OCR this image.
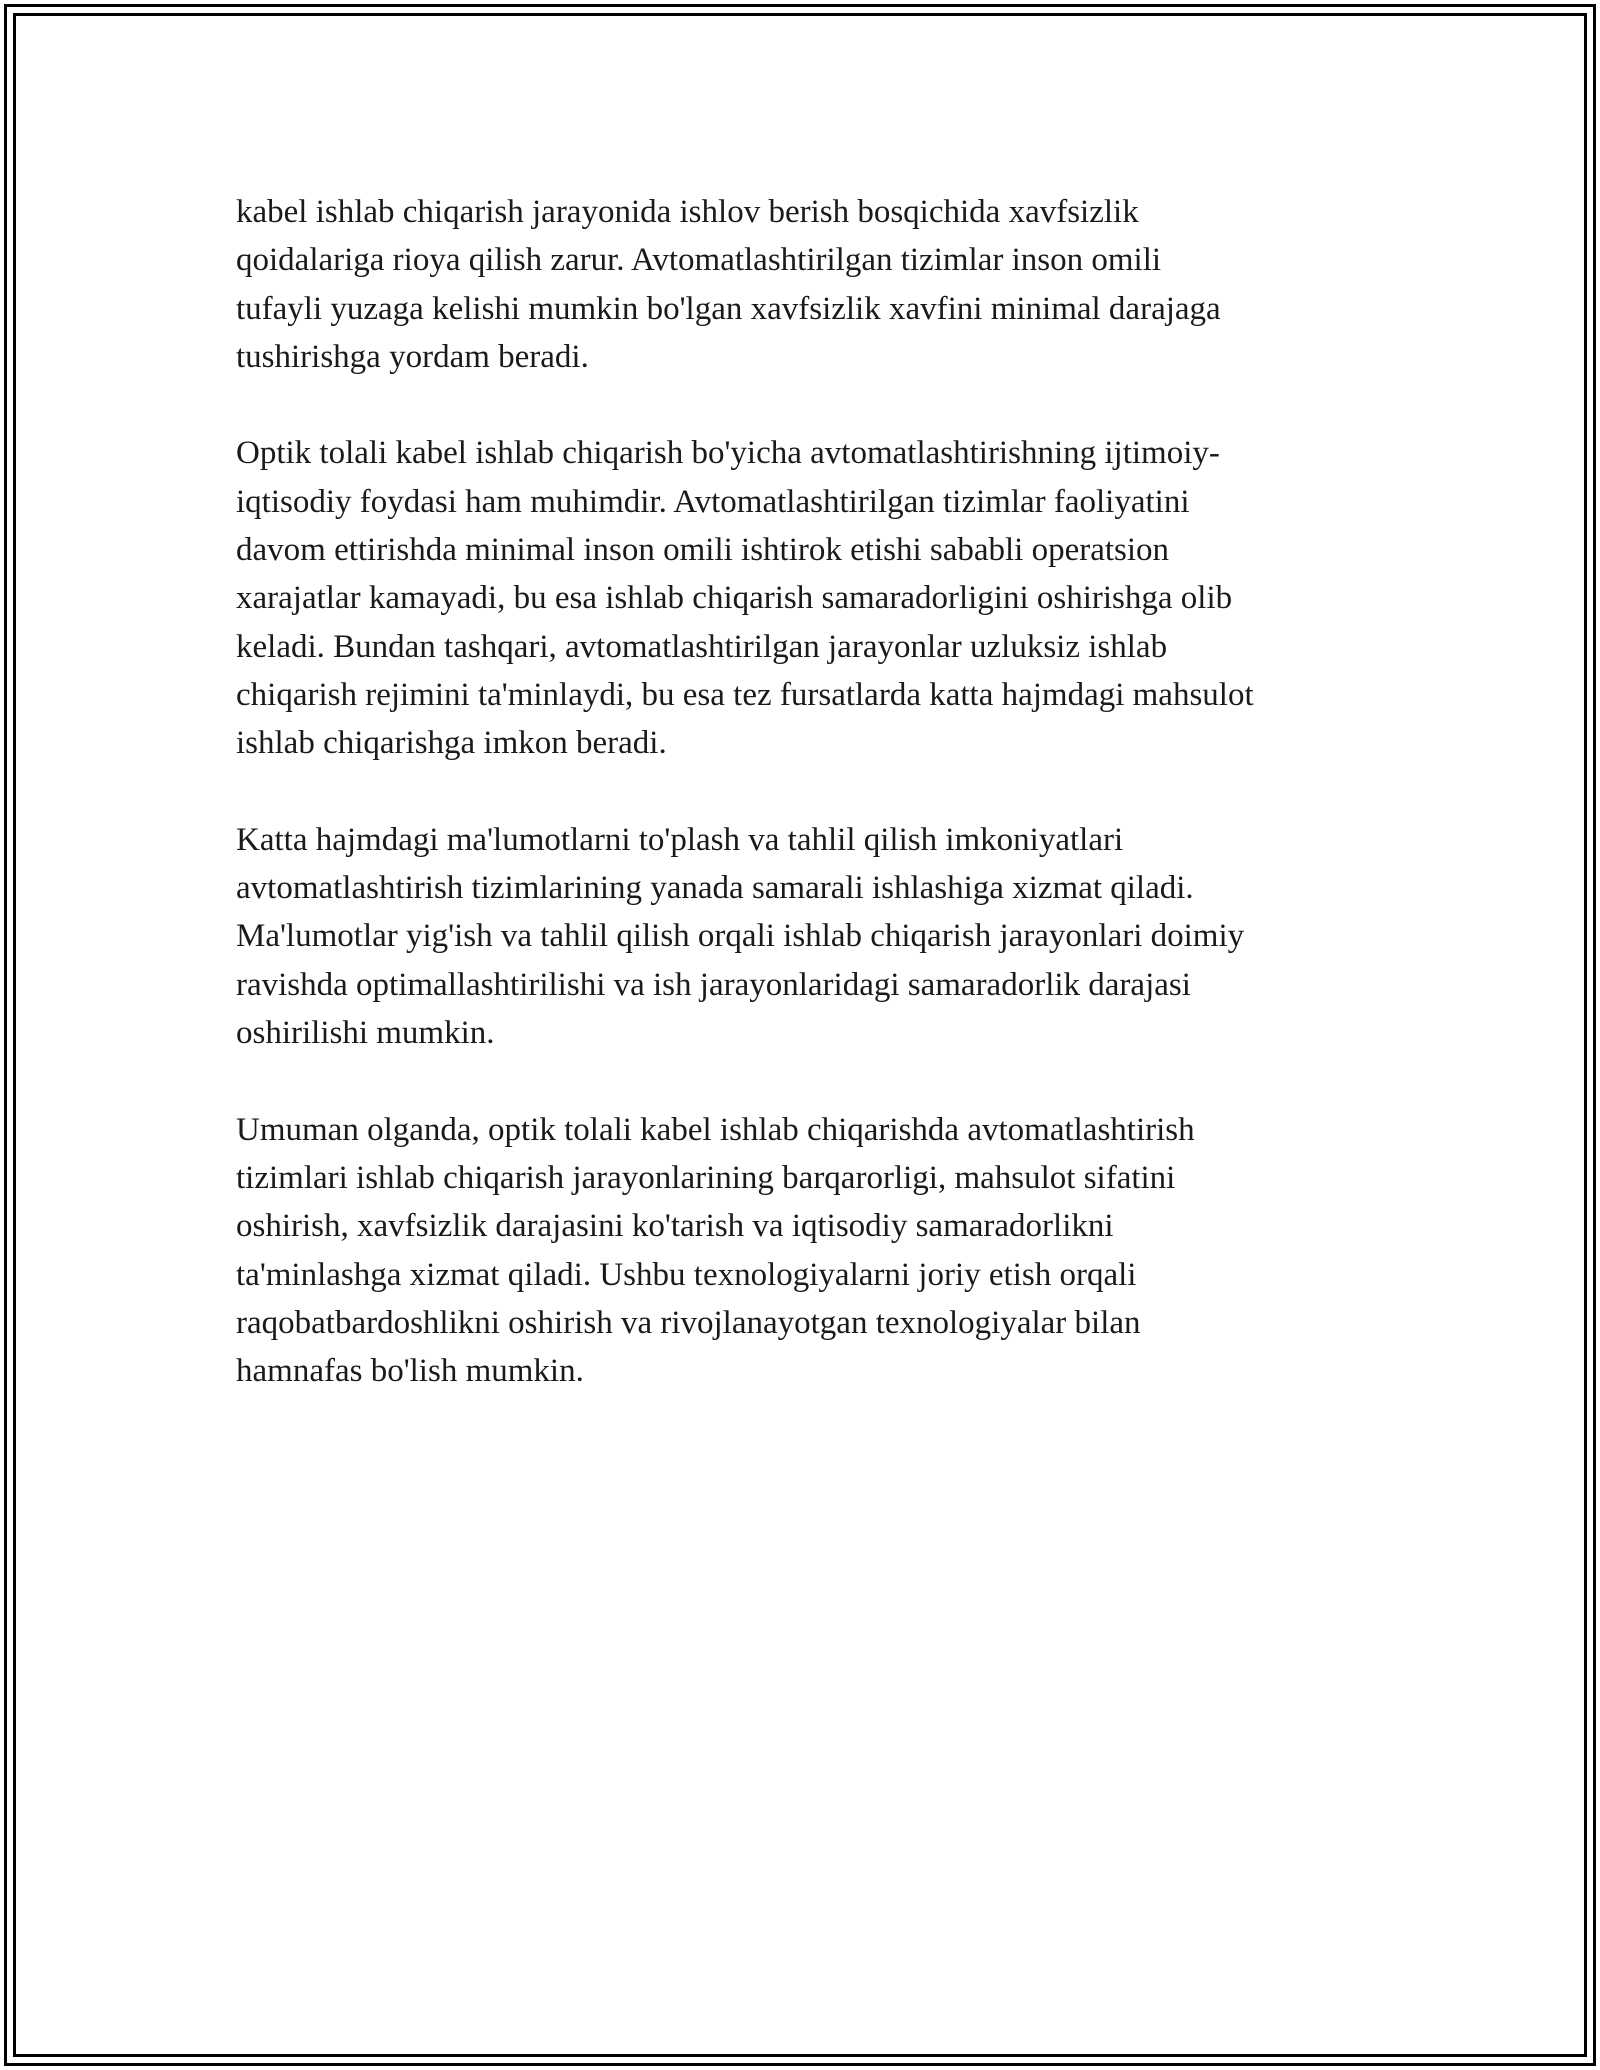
kabel ishlab chiqarish jarayonida ishlov berish bosqichida xavfsizlik
qoidalariga rioya qilish zarur. Avtomatlashtirilgan tizimlar inson omili
tufayli yuzaga kelishi mumkin bo'lgan xavfsizlik xavfini minimal darajaga
tushirishga yordam beradi.

Optik tolali kabel ishlab chiqarish bo'yicha avtomatlashtirishning ijtimoiy-
iqtisodiy foydasi ham muhimdir. Avtomatlashtirilgan tizimlar faoliyatini
davom ettirishda minimal inson omili ishtirok etishi sababli operatsion
xarajatlar kamayadi, bu esa ishlab chiqarish samaradorligini oshirishga olib
keladi. Bundan tashqari, avtomatlashtirilgan jarayonlar uzluksiz ishlab
chiqarish rejimini ta'minlaydi, bu esa tez fursatlarda katta hajmdagi mahsulot
ishlab chiqarishga imkon beradi.

Katta hajmdagi ma'lumotlarni to'plash va tahlil qilish imkoniyatlari
avtomatlashtirish tizimlarining yanada samarali ishlashiga xizmat qiladi.
Ma'lumotlar yig'ish va tahlil qilish orqali ishlab chiqarish jarayonlari doimiy
ravishda optimallashtirilishi va ish jarayonlaridagi samaradorlik darajasi
oshirilishi mumkin.

Umuman olganda, optik tolali kabel ishlab chiqarishda avtomatlashtirish
tizimlari ishlab chiqarish jarayonlarining barqarorligi, mahsulot sifatini
oshirish, xavfsizlik darajasini ko'tarish va iqtisodiy samaradorlikni
ta'minlashga xizmat qiladi. Ushbu texnologiyalarni joriy etish orqali
raqobatbardoshlikni oshirish va rivojlanayotgan texnologiyalar bilan
hamnafas bo'lish mumkin.
